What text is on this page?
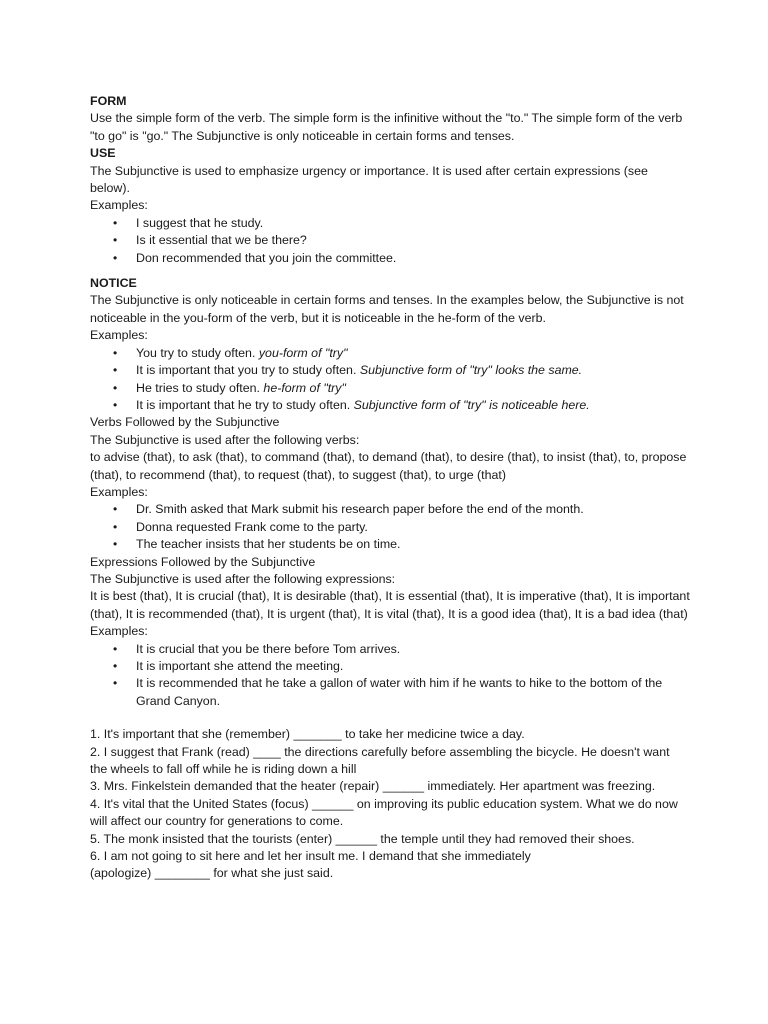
FORM

Use the simple form of the verb. The simple form is the infinitive without the "to." The simple form of the verb "to go" is "go." The Subjunctive is only noticeable in certain forms and tenses.

USE

The Subjunctive is used to emphasize urgency or importance. It is used after certain expressions (see below).

Examples:

• I suggest that he study.
• Is it essential that we be there?
• Don recommended that you join the committee.

NOTICE

The Subjunctive is only noticeable in certain forms and tenses. In the examples below, the Subjunctive is not noticeable in the you-form of the verb, but it is noticeable in the he-form of the verb.

Examples:

• You try to study often. you-form of "try"
• It is important that you try to study often. Subjunctive form of "try" looks the same.
• He tries to study often. he-form of "try"
• It is important that he try to study often. Subjunctive form of "try" is noticeable here.

Verbs Followed by the Subjunctive

The Subjunctive is used after the following verbs:

to advise (that), to ask (that), to command (that), to demand (that), to desire (that), to insist (that), to, propose (that), to recommend (that), to request (that), to suggest (that), to urge (that)

Examples:

• Dr. Smith asked that Mark submit his research paper before the end of the month.
• Donna requested Frank come to the party.
• The teacher insists that her students be on time.

Expressions Followed by the Subjunctive

The Subjunctive is used after the following expressions:

It is best (that), It is crucial (that), It is desirable (that), It is essential (that), It is imperative (that), It is important (that), It is recommended (that), It is urgent (that), It is vital (that), It is a good idea (that), It is a bad idea (that)

Examples:

• It is crucial that you be there before Tom arrives.
• It is important she attend the meeting.
• It is recommended that he take a gallon of water with him if he wants to hike to the bottom of the Grand Canyon.

1. It's important that she (remember) _______ to take her medicine twice a day.

2. I suggest that Frank (read) ____ the directions carefully before assembling the bicycle. He doesn't want the wheels to fall off while he is riding down a hill

3. Mrs. Finkelstein demanded that the heater (repair) ______ immediately. Her apartment was freezing.

4. It's vital that the United States (focus) ______ on improving its public education system. What we do now will affect our country for generations to come.

5. The monk insisted that the tourists (enter) ______ the temple until they had removed their shoes.

6. I am not going to sit here and let her insult me. I demand that she immediately

(apologize) ________ for what she just said.
